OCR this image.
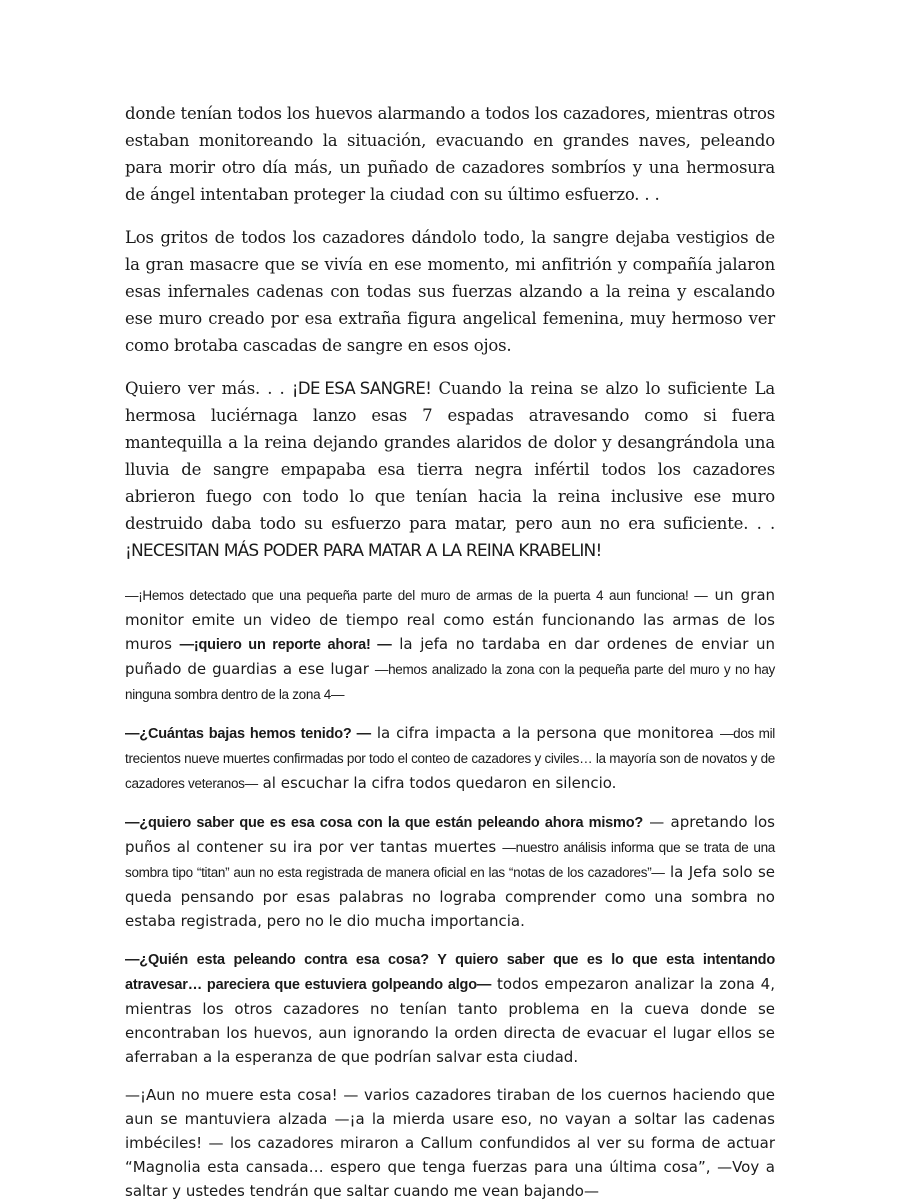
donde tenían todos los huevos alarmando a todos los cazadores, mientras otros estaban monitoreando la situación, evacuando en grandes naves, peleando para morir otro día más, un puñado de cazadores sombríos y una hermosura de ángel intentaban proteger la ciudad con su último esfuerzo. . .

Los gritos de todos los cazadores dándolo todo, la sangre dejaba vestigios de la gran masacre que se vivía en ese momento, mi anfitrión y compañía jalaron esas infernales cadenas con todas sus fuerzas alzando a la reina y escalando ese muro creado por esa extraña figura angelical femenina, muy hermoso ver como brotaba cascadas de sangre en esos ojos.

Quiero ver más. . . ¡DE ESA SANGRE! Cuando la reina se alzo lo suficiente La hermosa luciérnaga lanzo esas 7 espadas atravesando como si fuera mantequilla a la reina dejando grandes alaridos de dolor y desangrándola una lluvia de sangre empapaba esa tierra negra infértil todos los cazadores abrieron fuego con todo lo que tenían hacia la reina inclusive ese muro destruido daba todo su esfuerzo para matar, pero aun no era suficiente. . . ¡NECESITAN MÁS PODER PARA MATAR A LA REINA KRABELIN!

—¡Hemos detectado que una pequeña parte del muro de armas de la puerta 4 aun funciona! — un gran monitor emite un video de tiempo real como están funcionando las armas de los muros —¡quiero un reporte ahora! — la jefa no tardaba en dar ordenes de enviar un puñado de guardias a ese lugar —hemos analizado la zona con la pequeña parte del muro y no hay ninguna sombra dentro de la zona 4—

—¿Cuántas bajas hemos tenido? — la cifra impacta a la persona que monitorea —dos mil trecientos nueve muertes confirmadas por todo el conteo de cazadores y civiles… la mayoría son de novatos y de cazadores veteranos— al escuchar la cifra todos quedaron en silencio.

—¿quiero saber que es esa cosa con la que están peleando ahora mismo? — apretando los puños al contener su ira por ver tantas muertes —nuestro análisis informa que se trata de una sombra tipo “titan” aun no esta registrada de manera oficial en las “notas de los cazadores”— la Jefa solo se queda pensando por esas palabras no lograba comprender como una sombra no estaba registrada, pero no le dio mucha importancia.

—¿Quién esta peleando contra esa cosa? Y quiero saber que es lo que esta intentando atravesar… pareciera que estuviera golpeando algo— todos empezaron analizar la zona 4, mientras los otros cazadores no tenían tanto problema en la cueva donde se encontraban los huevos, aun ignorando la orden directa de evacuar el lugar ellos se aferraban a la esperanza de que podrían salvar esta ciudad.

—¡Aun no muere esta cosa! — varios cazadores tiraban de los cuernos haciendo que aun se mantuviera alzada —¡a la mierda usare eso, no vayan a soltar las cadenas imbéciles! — los cazadores miraron a Callum confundidos al ver su forma de actuar “Magnolia esta cansada… espero que tenga fuerzas para una última cosa”, —Voy a saltar y ustedes tendrán que saltar cuando me vean bajando—
